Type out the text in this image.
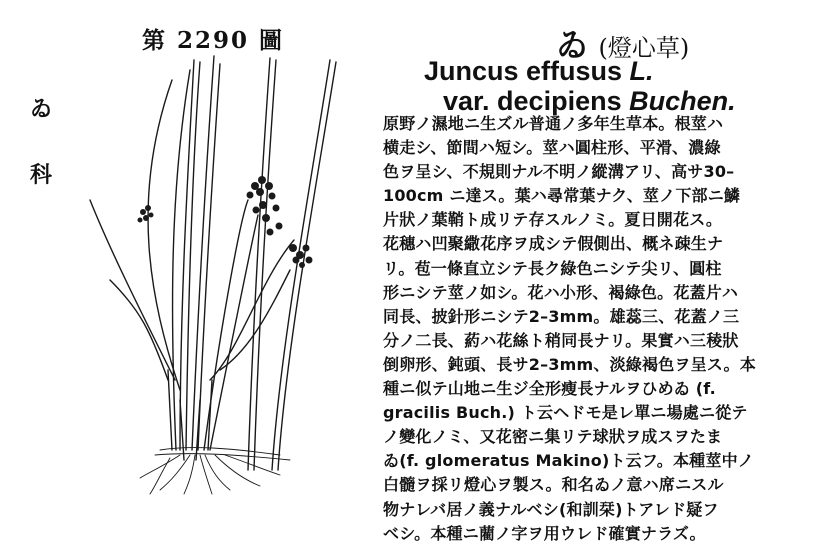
第 2290 圖
ゐ
科
ゐ (燈心草)
Juncus effusus L.
var. decipiens Buchen.
原野ノ濕地ニ生ズル普通ノ多年生草本。根莖ハ
横走シ、節間ハ短シ。莖ハ圓柱形、平滑、濃綠
色ヲ呈シ、不規則ナル不明ノ縱溝アリ、高サ30–
100cm ニ達ス。葉ハ尋常葉ナク、莖ノ下部ニ鱗
片狀ノ葉鞘ト成リテ存スルノミ。夏日開花ス。
花穗ハ凹聚繖花序ヲ成シテ假側出、概ネ疎生ナ
リ。苞一條直立シテ長ク綠色ニシテ尖リ、圓柱
形ニシテ莖ノ如シ。花ハ小形、褐綠色。花蓋片ハ
同長、披針形ニシテ2–3mm。雄蕊三、花蓋ノ三
分ノ二長、葯ハ花絲ト稍同長ナリ。果實ハ三稜狀
倒卵形、鈍頭、長サ2–3mm、淡綠褐色ヲ呈ス。本
種ニ似テ山地ニ生ジ全形瘦長ナルヲひめゐ (f.
gracilis Buch.) ト云ヘドモ是レ單ニ場處ニ從テ
ノ變化ノミ、又花密ニ集リテ球狀ヲ成スヲたま
ゐ(f. glomeratus Makino)ト云フ。本種莖中ノ
白髓ヲ採リ燈心ヲ製ス。和名ゐノ意ハ席ニスル
物ナレバ居ノ義ナルベシ(和訓栞)トアレド疑フ
ベシ。本種ニ藺ノ字ヲ用ウレド確實ナラズ。
